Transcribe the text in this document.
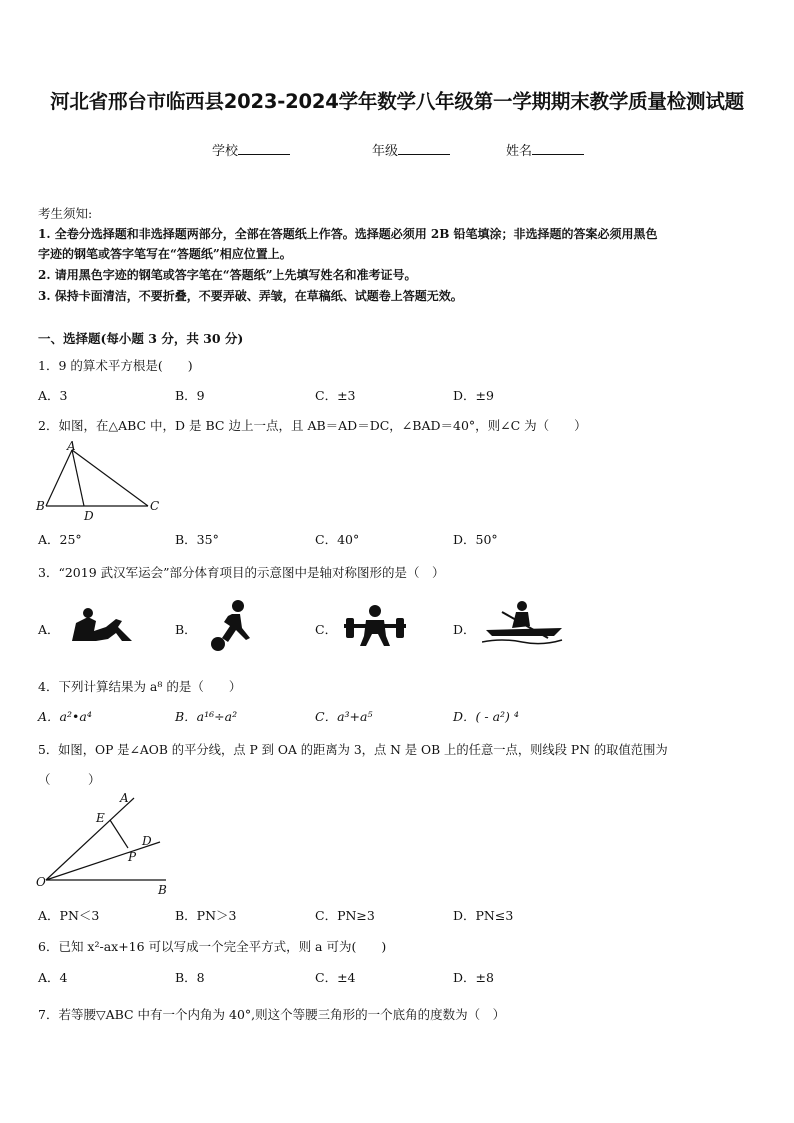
河北省邢台市临西县2023-2024学年数学八年级第一学期期末教学质量检测试题
学校	年级	姓名
考生须知:
1. 全卷分选择题和非选择题两部分，全部在答题纸上作答。选择题必须用 2B 铅笔填涂；非选择题的答案必须用黑色
字迹的钢笔或答字笔写在“答题纸”相应位置上。
2. 请用黑色字迹的钢笔或答字笔在“答题纸”上先填写姓名和准考证号。
3. 保持卡面清洁，不要折叠，不要弄破、弄皱，在草稿纸、试题卷上答题无效。
一、选择题(每小题 3 分，共 30 分)
1．9 的算术平方根是(　　)
A．3	B．9	C．±3	D．±9
2．如图，在△ABC 中，D 是 BC 边上一点，且 AB＝AD＝DC，∠BAD＝40°，则∠C 为（　　）
A
B
D
C
A．25°	B．35°	C．40°	D．50°
3．“2019 武汉军运会”部分体育项目的示意图中是轴对称图形的是（　）
A．	B．	C．	D．
4．下列计算结果为 a⁸ 的是（　　）
A．a²•a⁴	B．a¹⁶÷a²	C．a³+a⁵	D．( - a²) ⁴
5．如图，OP 是∠AOB 的平分线，点 P 到 OA 的距离为 3，点 N 是 OB 上的任意一点，则线段 PN 的取值范围为
（　　　）
A
E
D
P
O
B
A．PN＜3	B．PN＞3	C．PN≥3	D．PN≤3
6．已知 x²-ax+16 可以写成一个完全平方式，则 a 可为(　　)
A．4	B．8	C．±4	D．±8
7．若等腰▽ABC 中有一个内角为 40°,则这个等腰三角形的一个底角的度数为（　）
